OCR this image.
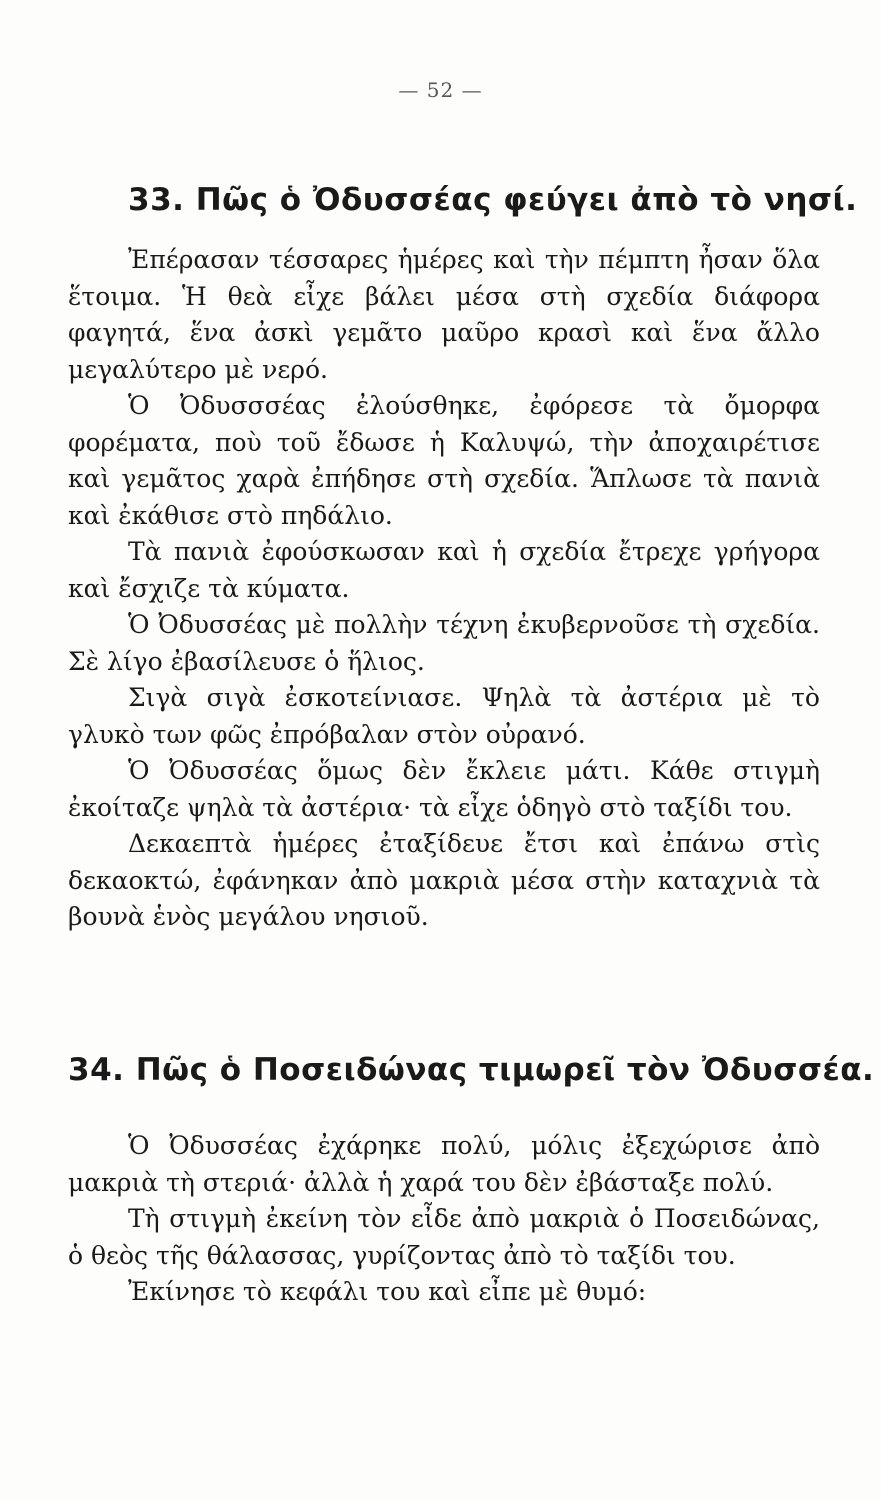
— 52 —
33. Πῶς ὁ Ὀδυσσέας φεύγει ἀπὸ τὸ νησί.

Ἐπέρασαν τέσσαρες ἡμέρες καὶ τὴν πέμπτη ἦσαν ὅλα ἕτοιμα. Ἡ θεὰ εἶχε βάλει μέσα στὴ σχεδία διάφορα φαγητά, ἕνα ἀσκὶ γεμᾶτο μαῦρο κρασὶ καὶ ἕνα ἄλλο μεγαλύτερο μὲ νερό.

Ὁ Ὀδυσσσέας ἐλούσθηκε, ἐφόρεσε τὰ ὄμορφα φορέματα, ποὺ τοῦ ἔδωσε ἡ Καλυψώ, τὴν ἀποχαιρέτισε καὶ γεμᾶτος χαρὰ ἐπήδησε στὴ σχεδία. Ἅπλωσε τὰ πανιὰ καὶ ἐκάθισε στὸ πηδάλιο.

Τὰ πανιὰ ἐφούσκωσαν καὶ ἡ σχεδία ἔτρεχε γρήγορα καὶ ἔσχιζε τὰ κύματα.

Ὁ Ὀδυσσέας μὲ πολλὴν τέχνη ἐκυβερνοῦσε τὴ σχεδία. Σὲ λίγο ἐβασίλευσε ὁ ἥλιος.

Σιγὰ σιγὰ ἐσκοτείνιασε. Ψηλὰ τὰ ἀστέρια μὲ τὸ γλυκὸ των φῶς ἐπρόβαλαν στὸν οὐρανό.

Ὁ Ὀδυσσέας ὅμως δὲν ἔκλειε μάτι. Κάθε στιγμὴ ἐκοίταζε ψηλὰ τὰ ἀστέρια· τὰ εἶχε ὁδηγὸ στὸ ταξίδι του.

Δεκαεπτὰ ἡμέρες ἐταξίδευε ἔτσι καὶ ἐπάνω στὶς δεκαοκτώ, ἐφάνηκαν ἀπὸ μακριὰ μέσα στὴν καταχνιὰ τὰ βουνὰ ἑνὸς μεγάλου νησιοῦ.

34. Πῶς ὁ Ποσειδώνας τιμωρεῖ τὸν Ὀδυσσέα.

Ὁ Ὀδυσσέας ἐχάρηκε πολύ, μόλις ἐξεχώρισε ἀπὸ μακριὰ τὴ στεριά· ἀλλὰ ἡ χαρά του δὲν ἐβάσταξε πολύ.

Τὴ στιγμὴ ἐκείνη τὸν εἶδε ἀπὸ μακριὰ ὁ Ποσειδώνας, ὁ θεὸς τῆς θάλασσας, γυρίζοντας ἀπὸ τὸ ταξίδι του.

Ἐκίνησε τὸ κεφάλι του καὶ εἶπε μὲ θυμό:
